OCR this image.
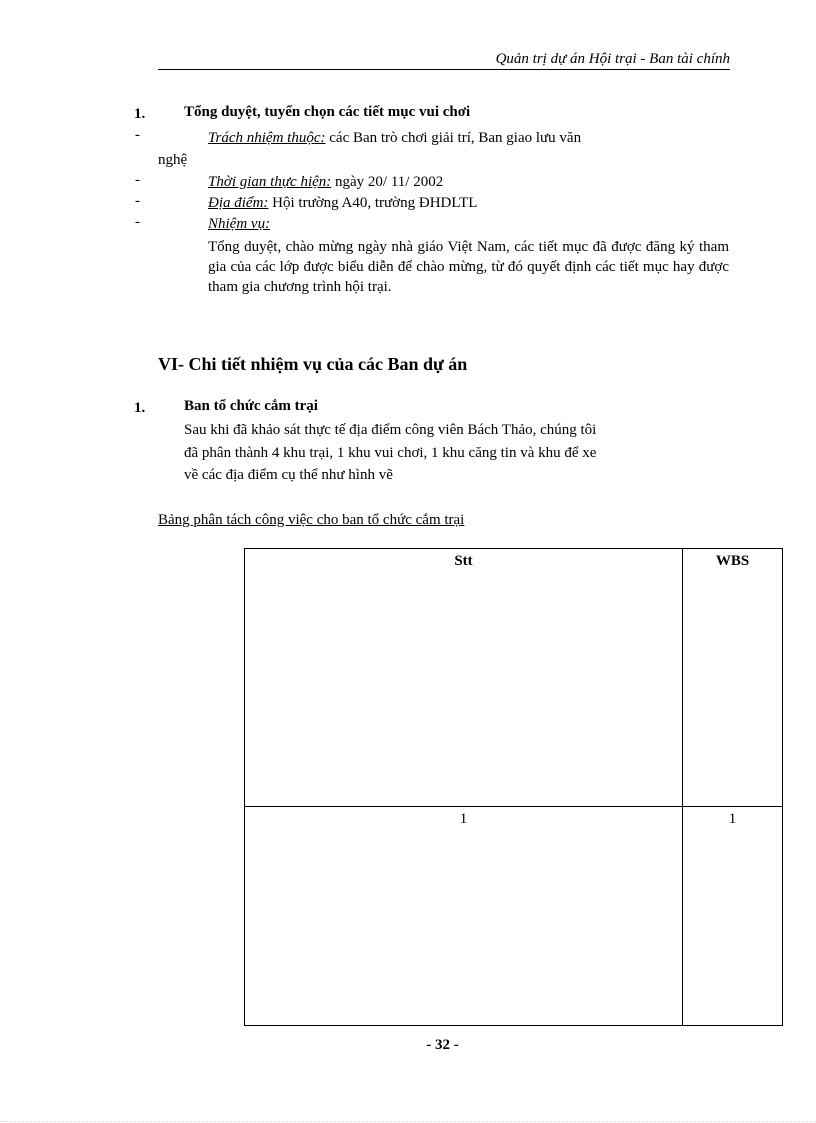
Quản trị dự án Hội trại - Ban tài chính
1.	Tổng duyệt, tuyển chọn các tiết mục vui chơi
-	Trách nhiệm thuộc: các Ban trò chơi giải trí, Ban giao lưu văn
nghệ
-	Thời gian thực hiện: ngày 20/ 11/ 2002
-	Địa điểm: Hội trường A40, trường ĐHDLTL
-	Nhiệm vụ:
Tổng duyệt, chào mừng ngày nhà giáo Việt Nam, các tiết mục đã được đăng ký tham gia của các lớp được biểu diễn để chào mừng, từ đó quyết định các tiết mục hay được tham gia chương trình hội trại.
VI- Chi tiết nhiệm vụ của các Ban dự án
1.	Ban tổ chức cắm trại
Sau khi đã khảo sát thực tế địa điểm công viên Bách Thảo, chúng tôi
đã phân thành 4 khu trại, 1 khu vui chơi, 1 khu căng tin và khu để xe
về các địa điểm cụ thể như hình vẽ
Bảng phân tách công việc cho ban tổ chức cắm trại
Stt	WBS
1	1
- 32 -
